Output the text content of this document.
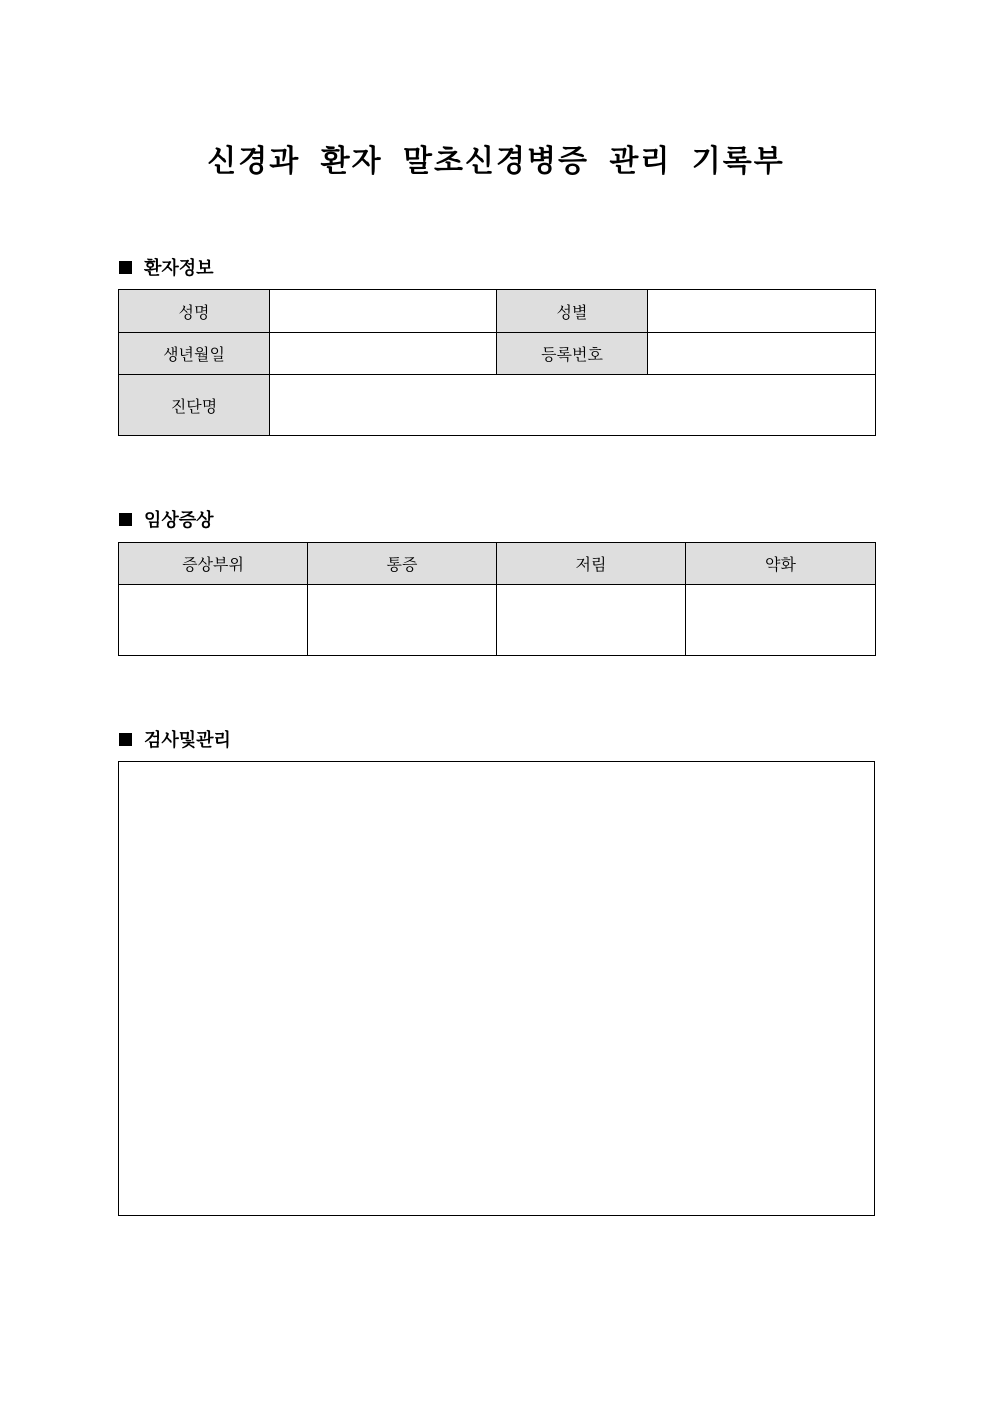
신경과 환자 말초신경병증 관리 기록부
환자정보
성명		성별	
생년월일		등록번호	
진단명			
임상증상
증상부위	통증	저림	약화

검사및관리
